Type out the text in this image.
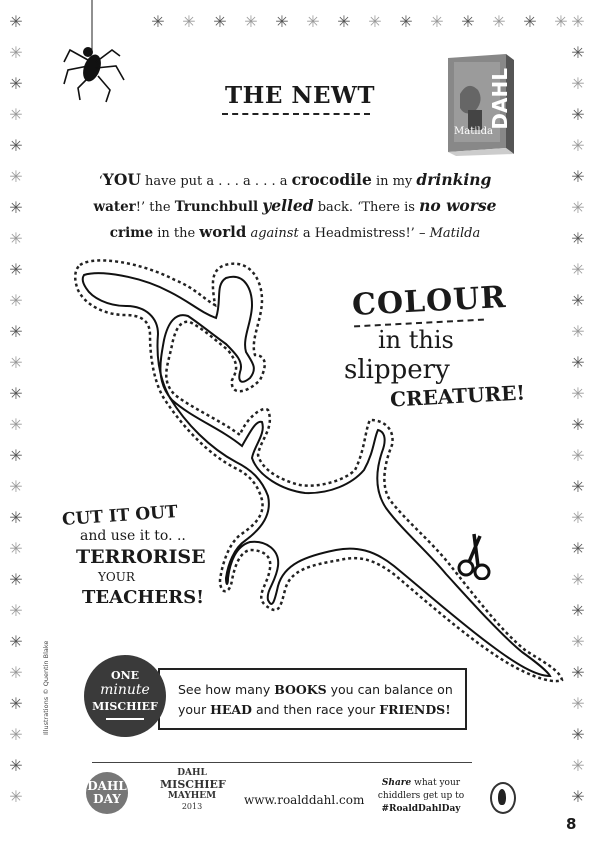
✳ ✳ ✳ ✳ ✳ ✳ ✳ ✳ ✳ ✳ ✳ ✳ ✳ ✳
✳	✳
✳	✳
✳	✳
✳	✳
✳	✳
✳	✳
✳	✳
✳	✳
✳	✳
✳	✳
✳	✳
✳	✳
✳	✳
✳	✳
✳	✳
✳	✳
✳	✳
✳	✳
✳	✳
✳	✳
✳	✳
✳	✳
✳	✳
✳	✳
✳	✳
✳	✳
THE NEWT	DAHL
Matilda
‘YOU have put a . . . a . . . a crocodile in my drinking
water!’ the Trunchbull yelled back. ‘There is no worse
crime in the world against a Headmistress!’ – Matilda
COLOUR
in this
slippery
CREATURE!
CUT IT OUT
and use it to. ..
TERRORISE
YOUR
TEACHERS!
See how many BOOKS you can balance on
your HEAD and then race your FRIENDS!
ONE
minute
MISCHIEF
Illustrations © Quentin Blake
DAHL
DAY
DAHL
MISCHIEF
MAYHEM
2013	www.roalddahl.com
Share what your
chiddlers get up to
#RoaldDahlDay
8
